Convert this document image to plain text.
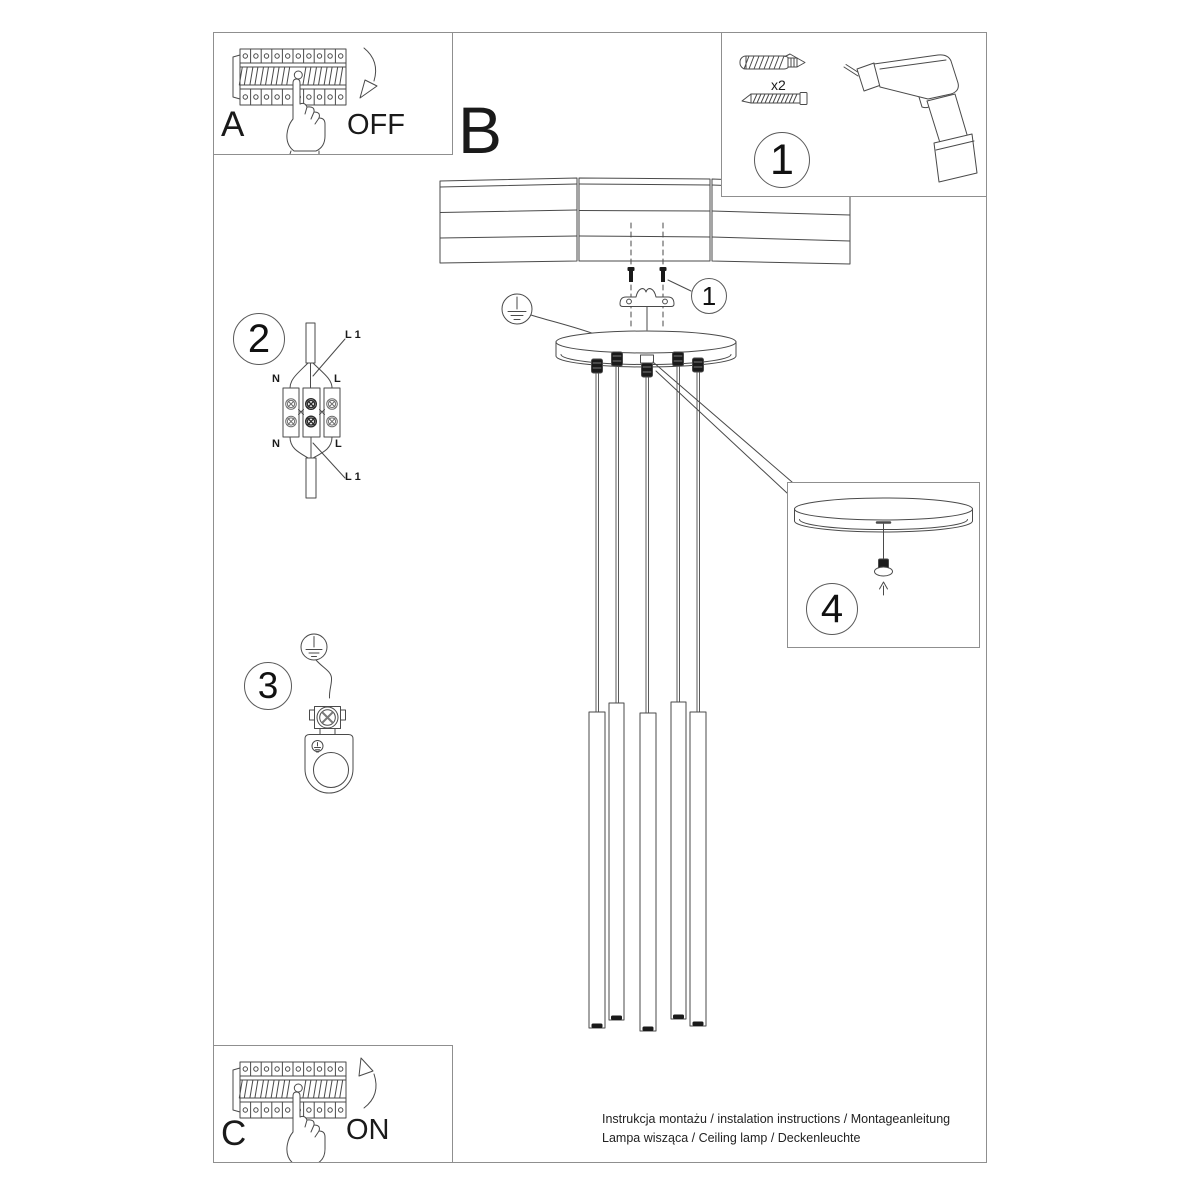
A	OFF
C	ON
x2
1
4
B
1
2
3
N	L
N	L
L 1
L 1
Instrukcja montażu / instalation instructions / Montageanleitung
Lampa wisząca / Ceiling lamp / Deckenleuchte
